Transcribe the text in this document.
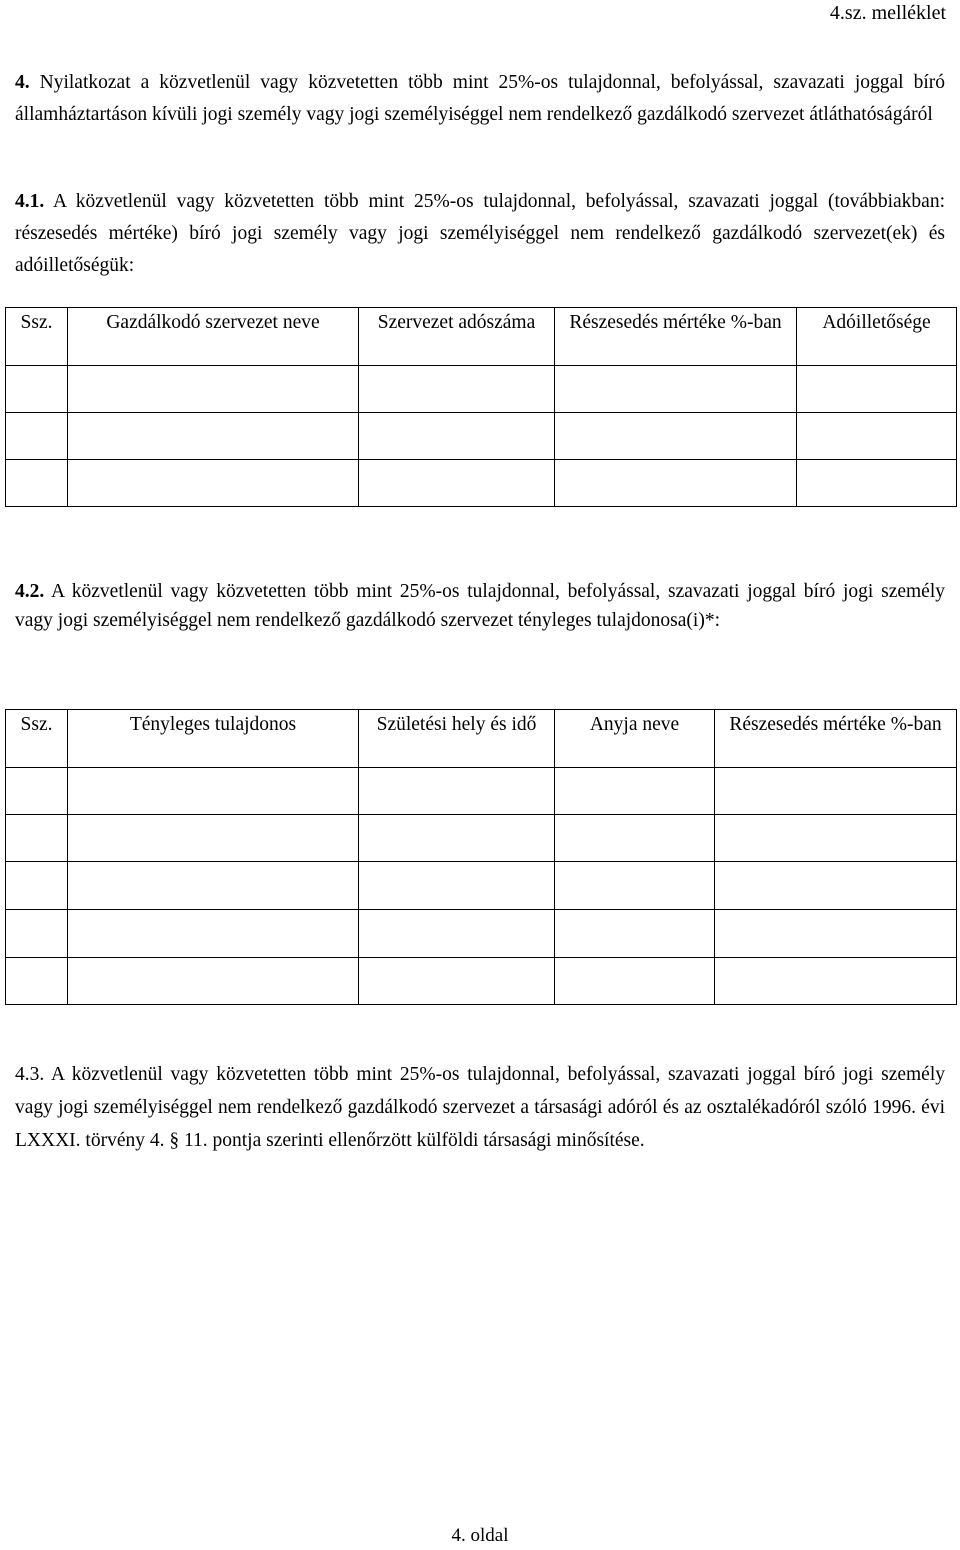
4.sz. melléklet
4. Nyilatkozat a közvetlenül vagy közvetetten több mint 25%-os tulajdonnal, befolyással, szavazati joggal bíró államháztartáson kívüli jogi személy vagy jogi személyiséggel nem rendelkező gazdálkodó szervezet átláthatóságáról
4.1. A közvetlenül vagy közvetetten több mint 25%-os tulajdonnal, befolyással, szavazati joggal (továbbiakban: részesedés mértéke) bíró jogi személy vagy jogi személyiséggel nem rendelkező gazdálkodó szervezet(ek) és adóilletőségük:
Ssz.	Gazdálkodó szervezet neve	Szervezet adószáma	Részesedés mértéke %-ban	Adóilletősége

4.2. A közvetlenül vagy közvetetten több mint 25%-os tulajdonnal, befolyással, szavazati joggal bíró jogi személy vagy jogi személyiséggel nem rendelkező gazdálkodó szervezet tényleges tulajdonosa(i)*:
Ssz.	Tényleges tulajdonos	Születési hely és idő	Anyja neve	Részesedés mértéke %-ban

4.3. A közvetlenül vagy közvetetten több mint 25%-os tulajdonnal, befolyással, szavazati joggal bíró jogi személy vagy jogi személyiséggel nem rendelkező gazdálkodó szervezet a társasági adóról és az osztalékadóról szóló 1996. évi LXXXI. törvény 4. § 11. pontja szerinti ellenőrzött külföldi társasági minősítése.
4. oldal
